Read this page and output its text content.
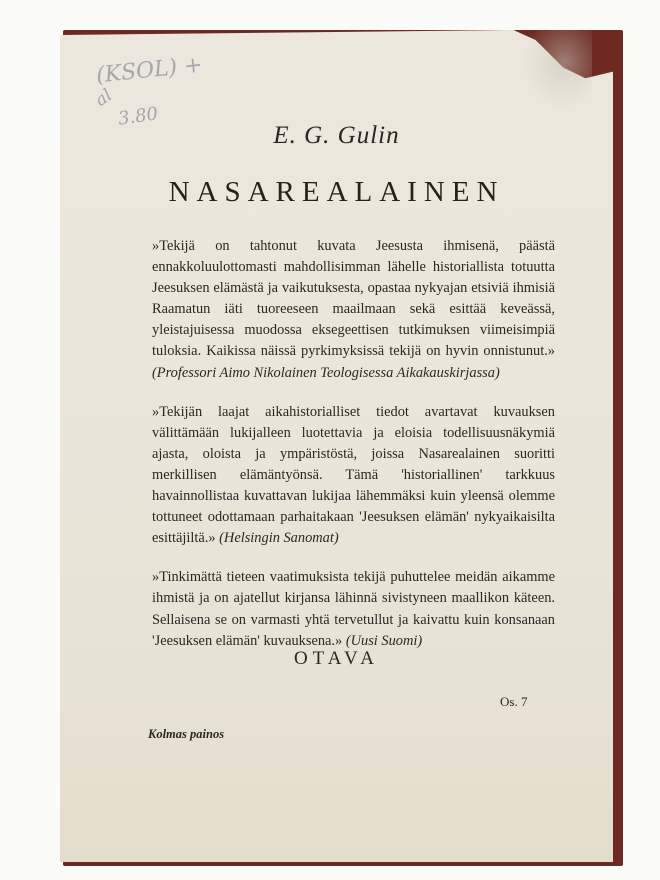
(KSOL) +
al
3.80
E. G. Gulin
NASAREALAINEN

»Tekijä on tahtonut kuvata Jeesusta ihmisenä, päästä ennakkoluulottomasti mahdollisimman lähelle historiallista totuutta Jeesuksen elämästä ja vaikutuksesta, opastaa nykyajan etsiviä ihmisiä Raamatun iäti tuoreeseen maailmaan sekä esittää keveässä, yleistajuisessa muodossa eksegeettisen tutkimuksen viimeisimpiä tuloksia. Kaikissa näissä pyrkimyksissä tekijä on hyvin onnistunut.» (Professori Aimo Nikolainen Teologisessa Aikakauskirjassa)

»Tekijän laajat aikahistorialliset tiedot avartavat kuvauksen välittämään lukijalleen luotettavia ja eloisia todellisuusnäkymiä ajasta, oloista ja ympäristöstä, joissa Nasarealainen suoritti merkillisen elämäntyönsä. Tämä 'historiallinen' tarkkuus havainnollistaa kuvattavan lukijaa lähemmäksi kuin yleensä olemme tottuneet odottamaan parhaitakaan 'Jeesuksen elämän' nykyaikaisilta esittäjiltä.» (Helsingin Sanomat)

»Tinkimättä tieteen vaatimuksista tekijä puhuttelee meidän aikamme ihmistä ja on ajatellut kirjansa lähinnä sivistyneen maallikon käteen. Sellaisena se on varmasti yhtä tervetullut ja kaivattu kuin konsanaan 'Jeesuksen elämän' kuvauksena.» (Uusi Suomi)

OTAVA
Os. 7
Kolmas painos
